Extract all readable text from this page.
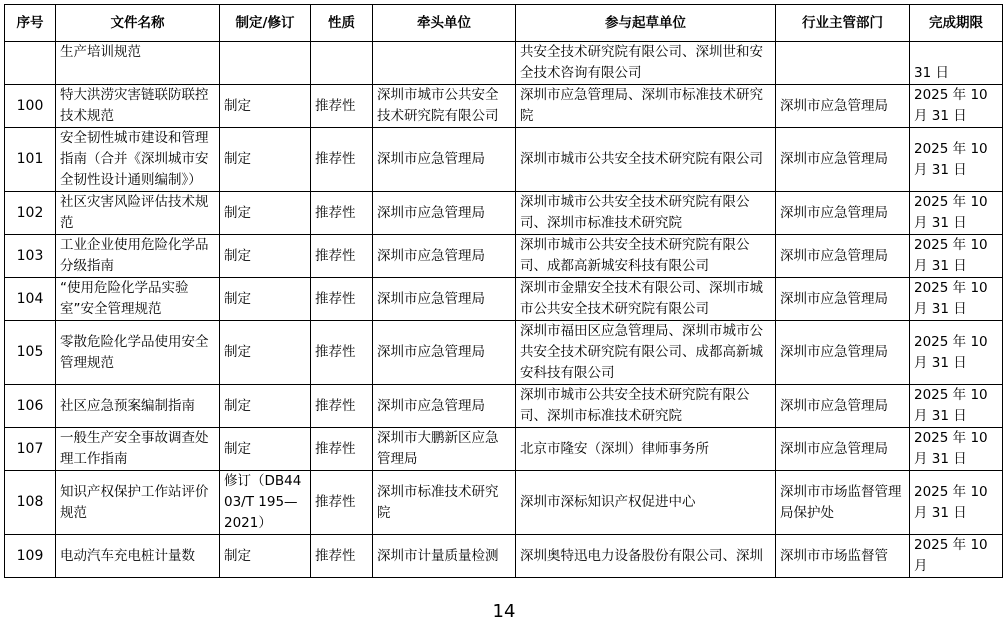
序号	文件名称	制定/修订	性质	牵头单位	参与起草单位	行业主管部门	完成期限
	生产培训规范				共安全技术研究院有限公司、深圳世和安全技术咨询有限公司		31 日
100	特大洪涝灾害链联防联控技术规范	制定	推荐性	深圳市城市公共安全技术研究院有限公司	深圳市应急管理局、深圳市标准技术研究院	深圳市应急管理局	2025 年 10 月 31 日
101	安全韧性城市建设和管理指南（合并《深圳城市安全韧性设计通则编制》）	制定	推荐性	深圳市应急管理局	深圳市城市公共安全技术研究院有限公司	深圳市应急管理局	2025 年 10 月 31 日
102	社区灾害风险评估技术规范	制定	推荐性	深圳市应急管理局	深圳市城市公共安全技术研究院有限公司、深圳市标准技术研究院	深圳市应急管理局	2025 年 10 月 31 日
103	工业企业使用危险化学品分级指南	制定	推荐性	深圳市应急管理局	深圳市城市公共安全技术研究院有限公司、成都高新城安科技有限公司	深圳市应急管理局	2025 年 10 月 31 日
104	“使用危险化学品实验室”安全管理规范	制定	推荐性	深圳市应急管理局	深圳市金鼎安全技术有限公司、深圳市城市公共安全技术研究院有限公司	深圳市应急管理局	2025 年 10 月 31 日
105	零散危险化学品使用安全管理规范	制定	推荐性	深圳市应急管理局	深圳市福田区应急管理局、深圳市城市公共安全技术研究院有限公司、成都高新城安科技有限公司	深圳市应急管理局	2025 年 10 月 31 日
106	社区应急预案编制指南	制定	推荐性	深圳市应急管理局	深圳市城市公共安全技术研究院有限公司、深圳市标准技术研究院	深圳市应急管理局	2025 年 10 月 31 日
107	一般生产安全事故调查处理工作指南	制定	推荐性	深圳市大鹏新区应急管理局	北京市隆安（深圳）律师事务所	深圳市应急管理局	2025 年 10 月 31 日
108	知识产权保护工作站评价规范	修订（DB4403/T 195—2021）	推荐性	深圳市标准技术研究院	深圳市深标知识产权促进中心	深圳市市场监督管理局保护处	2025 年 10 月 31 日
109	电动汽车充电桩计量数	制定	推荐性	深圳市计量质量检测	深圳奥特迅电力设备股份有限公司、深圳	深圳市市场监督管	2025 年 10 月
14
